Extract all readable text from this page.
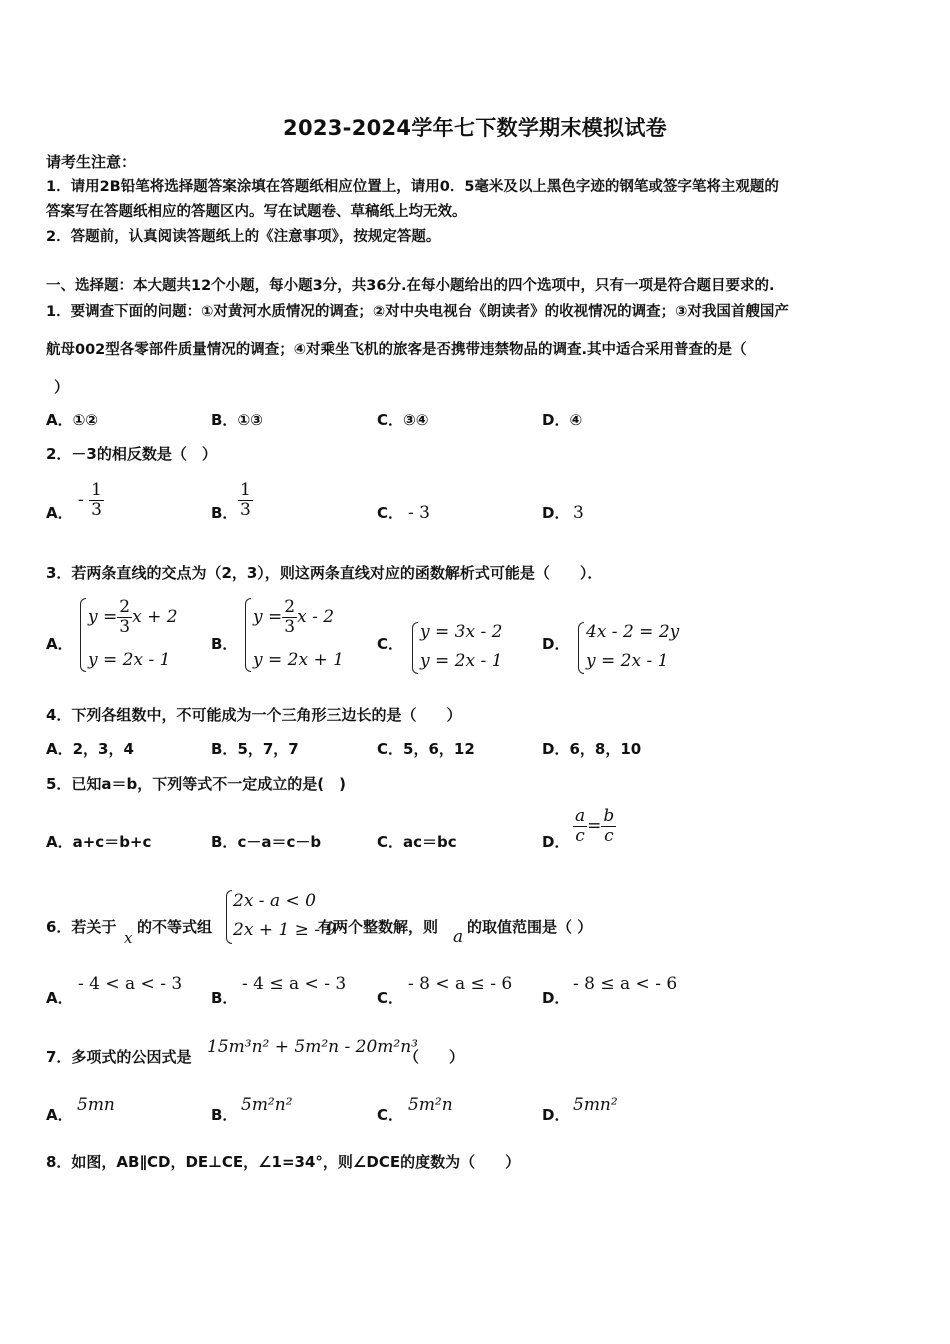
2023-2024学年七下数学期末模拟试卷
请考生注意：
1．请用2B铅笔将选择题答案涂填在答题纸相应位置上，请用0．5毫米及以上黑色字迹的钢笔或签字笔将主观题的
答案写在答题纸相应的答题区内。写在试题卷、草稿纸上均无效。
2．答题前，认真阅读答题纸上的《注意事项》，按规定答题。
一、选择题：本大题共12个小题，每小题3分，共36分.在每小题给出的四个选项中，只有一项是符合题目要求的.
1．要调查下面的问题：①对黄河水质情况的调查；②对中央电视台《朗读者》的收视情况的调查；③对我国首艘国产
航母002型各零部件质量情况的调查；④对乘坐飞机的旅客是否携带违禁物品的调查.其中适合采用普查的是（
）
A．①②	B．①③	C．③④	D．④
2．－3的相反数是（　）
A．
- $\frac{1}{3}$	B． $\frac{1}{3}$	C． - 3	D． 3
3．若两条直线的交点为（2，3），则这两条直线对应的函数解析式可能是（　　）．
A．
$y = \frac{2}{3}$ x + 2
y = 2x - 1
B．
$y = \frac{2}{3}$ x - 2
y = 2x + 1
C．
y = 3x - 2
y = 2x - 1
D．
4x - 2 = 2y
y = 2x - 1
4．下列各组数中，不可能成为一个三角形三边长的是（　　）
A．2，3，4	B．5，7，7	C．5，6，12	D．6，8，10
5．已知a＝b，下列等式不一定成立的是(　)
A．a+c＝b+c	B．c－a＝c－b	C．ac＝bc	D． $\frac{a}{c} = \frac{b}{c}$
6．若关于
x
的不等式组
2x - a < 0
2x + 1 ≥ - 9
有两个整数解，则 a 的取值范围是（ ）
A．
- 4 < a < - 3
B．
- 4 ≤ a < - 3
C．
- 8 < a ≤ - 6
D．
- 8 ≤ a < - 6
7．多项式的公因式是 15m³n² + 5m²n - 20m²n³
（　　）
A． 5mn	B． 5m²n²	C． 5m²n	D． 5mn²
8．如图，AB∥CD，DE⊥CE，∠1=34°，则∠DCE的度数为（　　）
